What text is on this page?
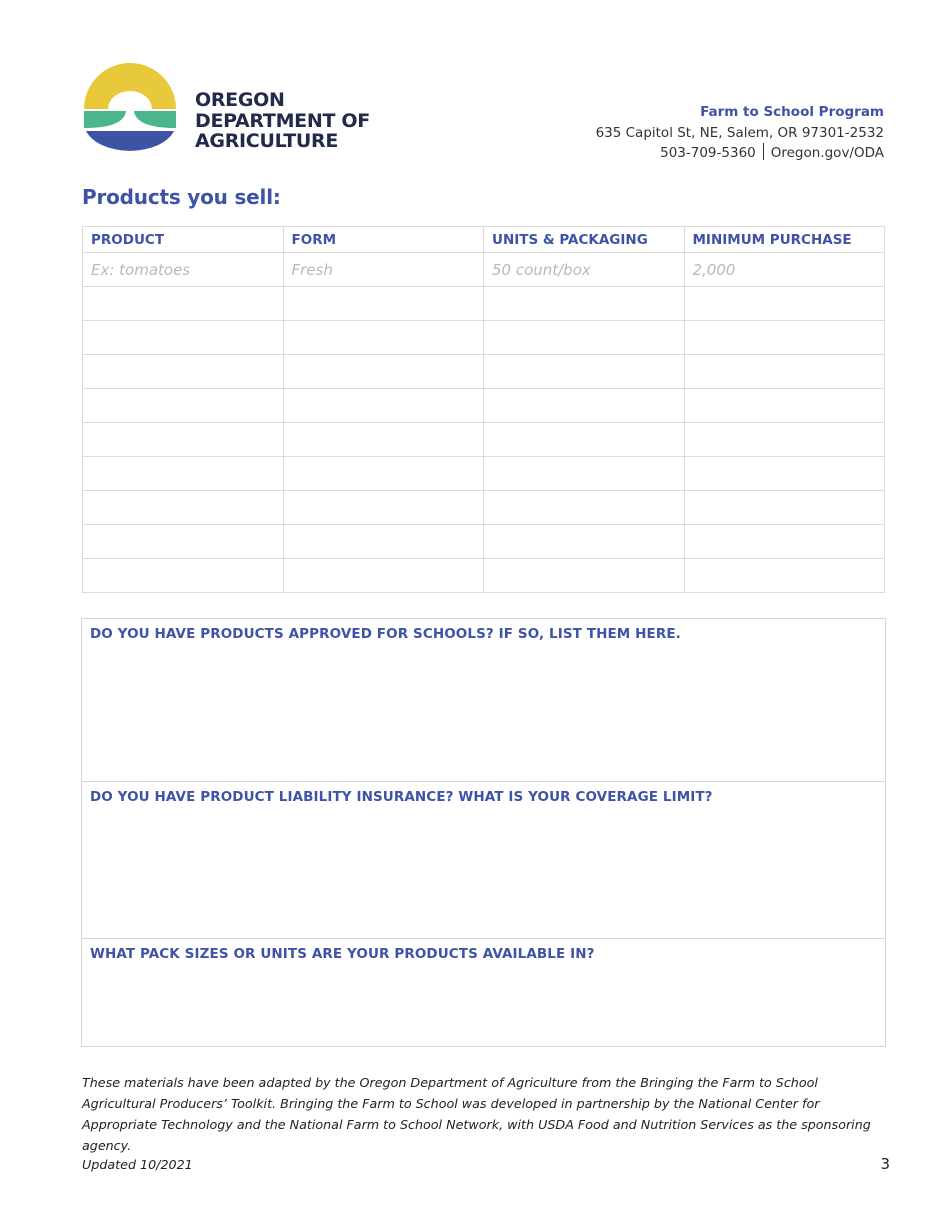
OREGON
DEPARTMENT OF
AGRICULTURE
Farm to School Program
635 Capitol St, NE, Salem, OR 97301-2532
503-709-5360 Oregon.gov/ODA
Products you sell:
PRODUCT	FORM	UNITS & PACKAGING	MINIMUM PURCHASE
Ex: tomatoes	Fresh	50 count/box	2,000

DO YOU HAVE PRODUCTS APPROVED FOR SCHOOLS? IF SO, LIST THEM HERE.
DO YOU HAVE PRODUCT LIABILITY INSURANCE? WHAT IS YOUR COVERAGE LIMIT?
WHAT PACK SIZES OR UNITS ARE YOUR PRODUCTS AVAILABLE IN?
These materials have been adapted by the Oregon Department of Agriculture from the Bringing the Farm to School Agricultural Producers’ Toolkit. Bringing the Farm to School was developed in partnership by the National Center for Appropriate Technology and the National Farm to School Network, with USDA Food and Nutrition Services as the sponsoring agency.
Updated 10/2021	3
